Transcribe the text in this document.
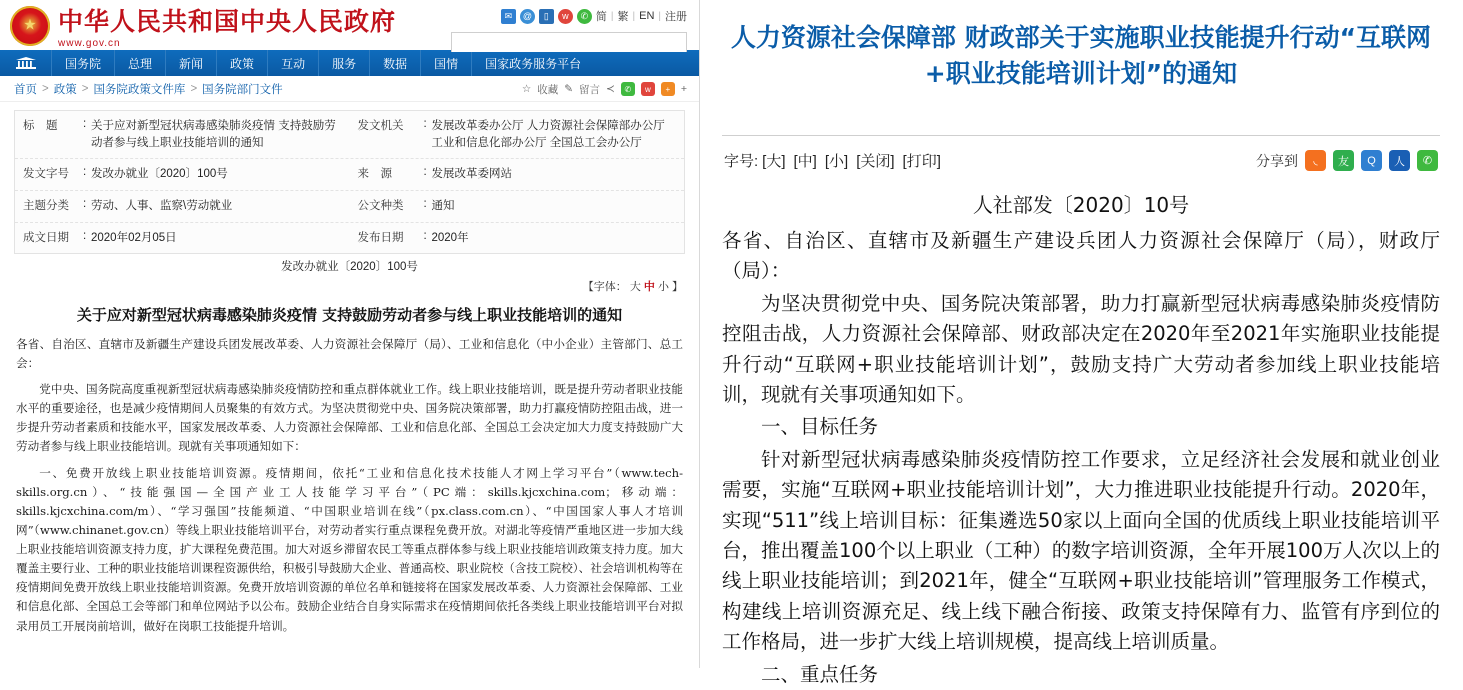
★
中华人民共和国中央人民政府
www.gov.cn
✉	@	▯	w	✆ 简 | 繁 | EN | 注册
国务院	总理	新闻	政策	互动	服务	数据	国情	国家政务服务平台
首页 > 政策 > 国务院政策文件库 > 国务院部门文件	☆ 收藏 ✎ 留言 ≺	✆	w	+	+
标　题	: 关于应对新型冠状病毒感染肺炎疫情 支持鼓励劳动者参与线上职业技能培训的通知
发文机关	: 发展改革委办公厅 人力资源社会保障部办公厅 工业和信息化部办公厅 全国总工会办公厅
发文字号	: 发改办就业〔2020〕100号	来　源	: 发展改革委网站
主题分类	: 劳动、人事、监察\劳动就业	公文种类	: 通知
成文日期	: 2020年02月05日	发布日期	: 2020年
发改办就业〔2020〕100号
【字体： 大 中 小 】
关于应对新型冠状病毒感染肺炎疫情 支持鼓励劳动者参与线上职业技能培训的通知

各省、自治区、直辖市及新疆生产建设兵团发展改革委、人力资源社会保障厅（局）、工业和信息化（中小企业）主管部门、总工会：

党中央、国务院高度重视新型冠状病毒感染肺炎疫情防控和重点群体就业工作。线上职业技能培训，既是提升劳动者职业技能水平的重要途径，也是减少疫情期间人员聚集的有效方式。为坚决贯彻党中央、国务院决策部署，助力打赢疫情防控阻击战，进一步提升劳动者素质和技能水平，国家发展改革委、人力资源社会保障部、工业和信息化部、全国总工会决定加大力度支持鼓励广大劳动者参与线上职业技能培训。现就有关事项通知如下：

一、免费开放线上职业技能培训资源。疫情期间，依托“工业和信息化技术技能人才网上学习平台”（www.tech-skills.org.cn）、“技能强国—全国产业工人技能学习平台”（PC端：skills.kjcxchina.com；移动端：skills.kjcxchina.com/m）、“学习强国”技能频道、“中国职业培训在线”（px.class.com.cn）、“中国国家人事人才培训网”（www.chinanet.gov.cn）等线上职业技能培训平台，对劳动者实行重点课程免费开放。对湖北等疫情严重地区进一步加大线上职业技能培训资源支持力度，扩大课程免费范围。加大对返乡滞留农民工等重点群体参与线上职业技能培训政策支持力度。加大覆盖主要行业、工种的职业技能培训课程资源供给，积极引导鼓励大企业、普通高校、职业院校（含技工院校）、社会培训机构等在疫情期间免费开放线上职业技能培训资源。免费开放培训资源的单位名单和链接将在国家发展改革委、人力资源社会保障部、工业和信息化部、全国总工会等部门和单位网站予以公布。鼓励企业结合自身实际需求在疫情期间依托各类线上职业技能培训平台对拟录用员工开展岗前培训，做好在岗职工技能提升培训。

人力资源社会保障部 财政部关于实施职业技能提升行动“互联网+职业技能培训计划”的通知
字号: [大] [中] [小] [关闭] [打印]	分享到	◟	友	Q	人	✆
人社部发〔2020〕10号

各省、自治区、直辖市及新疆生产建设兵团人力资源社会保障厅（局），财政厅（局）：

为坚决贯彻党中央、国务院决策部署，助力打赢新型冠状病毒感染肺炎疫情防控阻击战，人力资源社会保障部、财政部决定在2020年至2021年实施职业技能提升行动“互联网+职业技能培训计划”，鼓励支持广大劳动者参加线上职业技能培训，现就有关事项通知如下。

一、目标任务

针对新型冠状病毒感染肺炎疫情防控工作要求，立足经济社会发展和就业创业需要，实施“互联网+职业技能培训计划”，大力推进职业技能提升行动。2020年，实现“511”线上培训目标：征集遴选50家以上面向全国的优质线上职业技能培训平台，推出覆盖100个以上职业（工种）的数字培训资源，全年开展100万人次以上的线上职业技能培训；到2021年，健全“互联网+职业技能培训”管理服务工作模式，构建线上培训资源充足、线上线下融合衔接、政策支持保障有力、监管有序到位的工作格局，进一步扩大线上培训规模，提高线上培训质量。

二、重点任务
